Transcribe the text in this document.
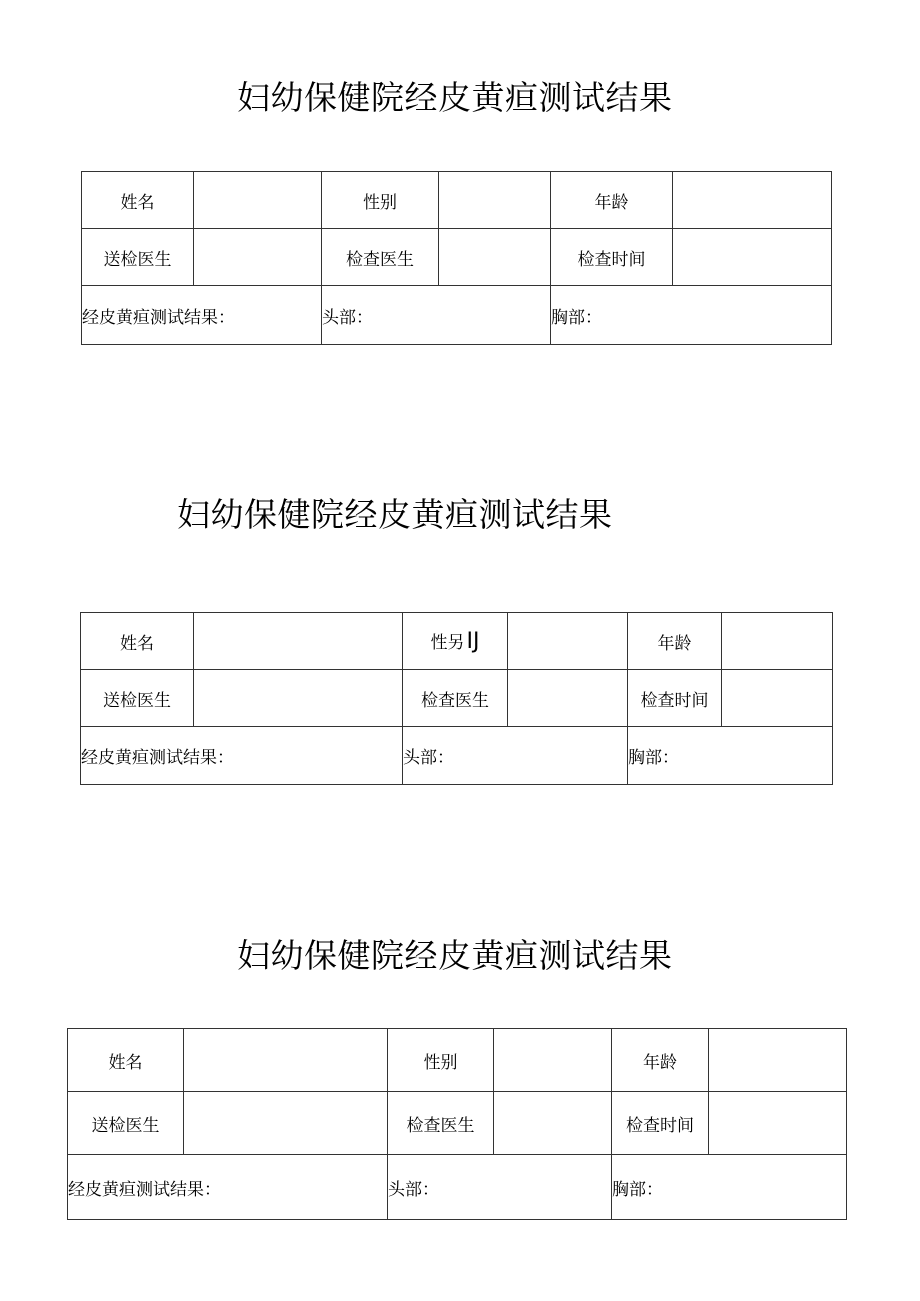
妇幼保健院经皮黄疸测试结果
姓名		性别		年龄	
送检医生		检查医生		检查时间	
经皮黄疸测试结果：		头部：		胸部：	
妇幼保健院经皮黄疸测试结果
姓名		性另IJ		年龄	
送检医生		检查医生		检查时间	
经皮黄疸测试结果：		头部：		胸部：	
妇幼保健院经皮黄疸测试结果
姓名		性别		年龄	
送检医生		检查医生		检查时间	
经皮黄疸测试结果：		头部：		胸部：	
